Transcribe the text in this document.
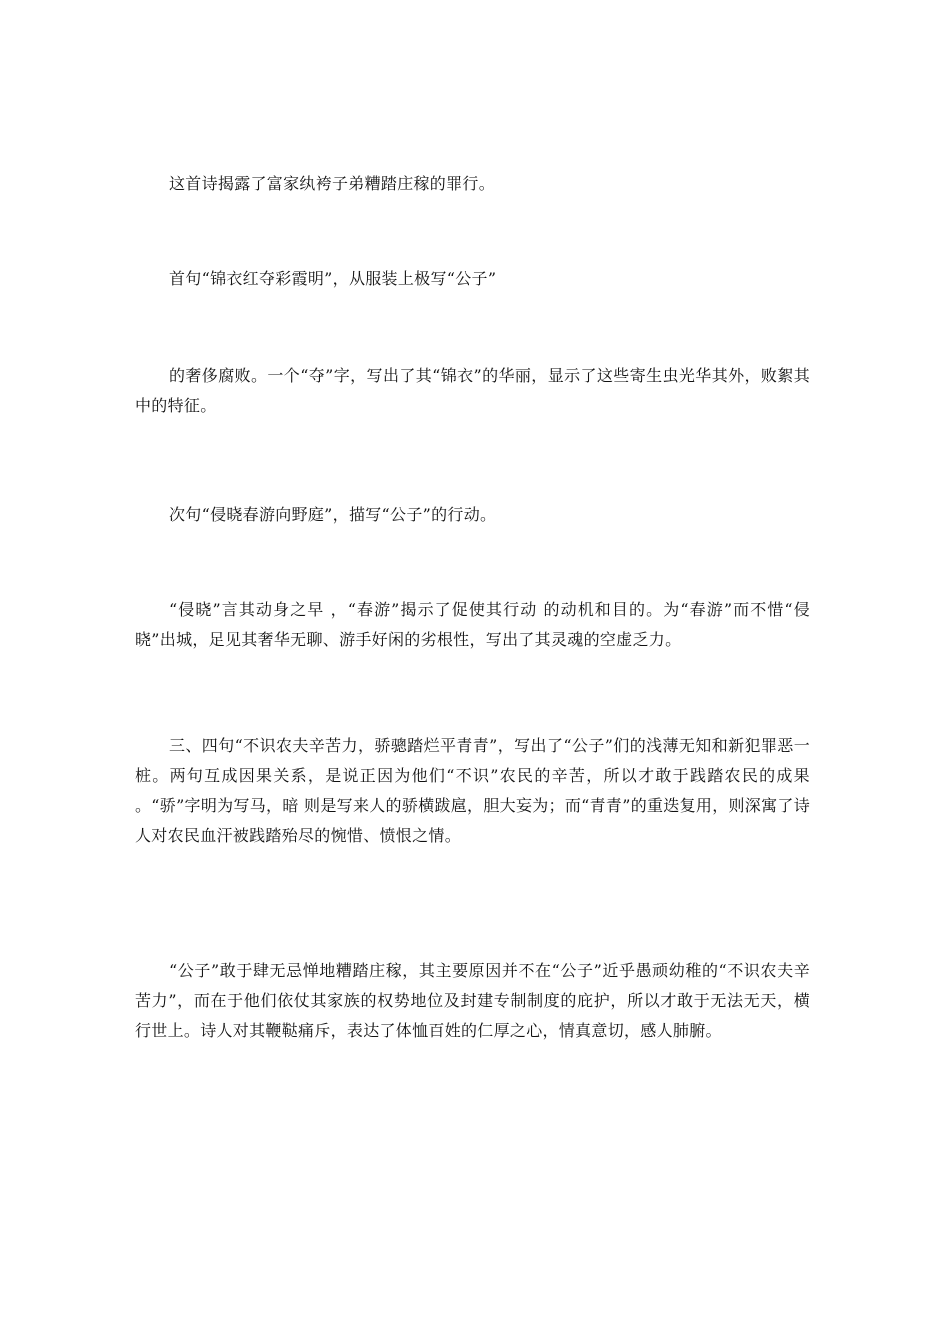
这首诗揭露了富家纨袴子弟糟踏庄稼的罪行。

首句“锦衣红夺彩霞明”，从服装上极写“公子”

的奢侈腐败。一个“夺”字，写出了其“锦衣”的华丽，显示了这些寄生虫光华其外，败絮其中的特征。

次句“侵晓春游向野庭”，描写“公子”的行动。

“侵晓”言其动身之早 ，“春游”揭示了促使其行动 的动机和目的。为“春游”而不惜“侵晓”出城，足见其奢华无聊、游手好闲的劣根性，写出了其灵魂的空虚乏力。

三、四句“不识农夫辛苦力，骄骢踏烂平青青”，写出了“公子”们的浅薄无知和新犯罪恶一桩。两句互成因果关系，是说正因为他们“不识”农民的辛苦，所以才敢于践踏农民的成果 。“骄”字明为写马，暗 则是写来人的骄横跋扈，胆大妄为；而“青青”的重迭复用，则深寓了诗人对农民血汗被践踏殆尽的惋惜、愤恨之情。

“公子”敢于肆无忌惮地糟踏庄稼，其主要原因并不在“公子”近乎愚顽幼稚的“不识农夫辛苦力”，而在于他们依仗其家族的权势地位及封建专制制度的庇护，所以才敢于无法无天，横行世上。诗人对其鞭鞑痛斥，表达了体恤百姓的仁厚之心，情真意切，感人肺腑。
